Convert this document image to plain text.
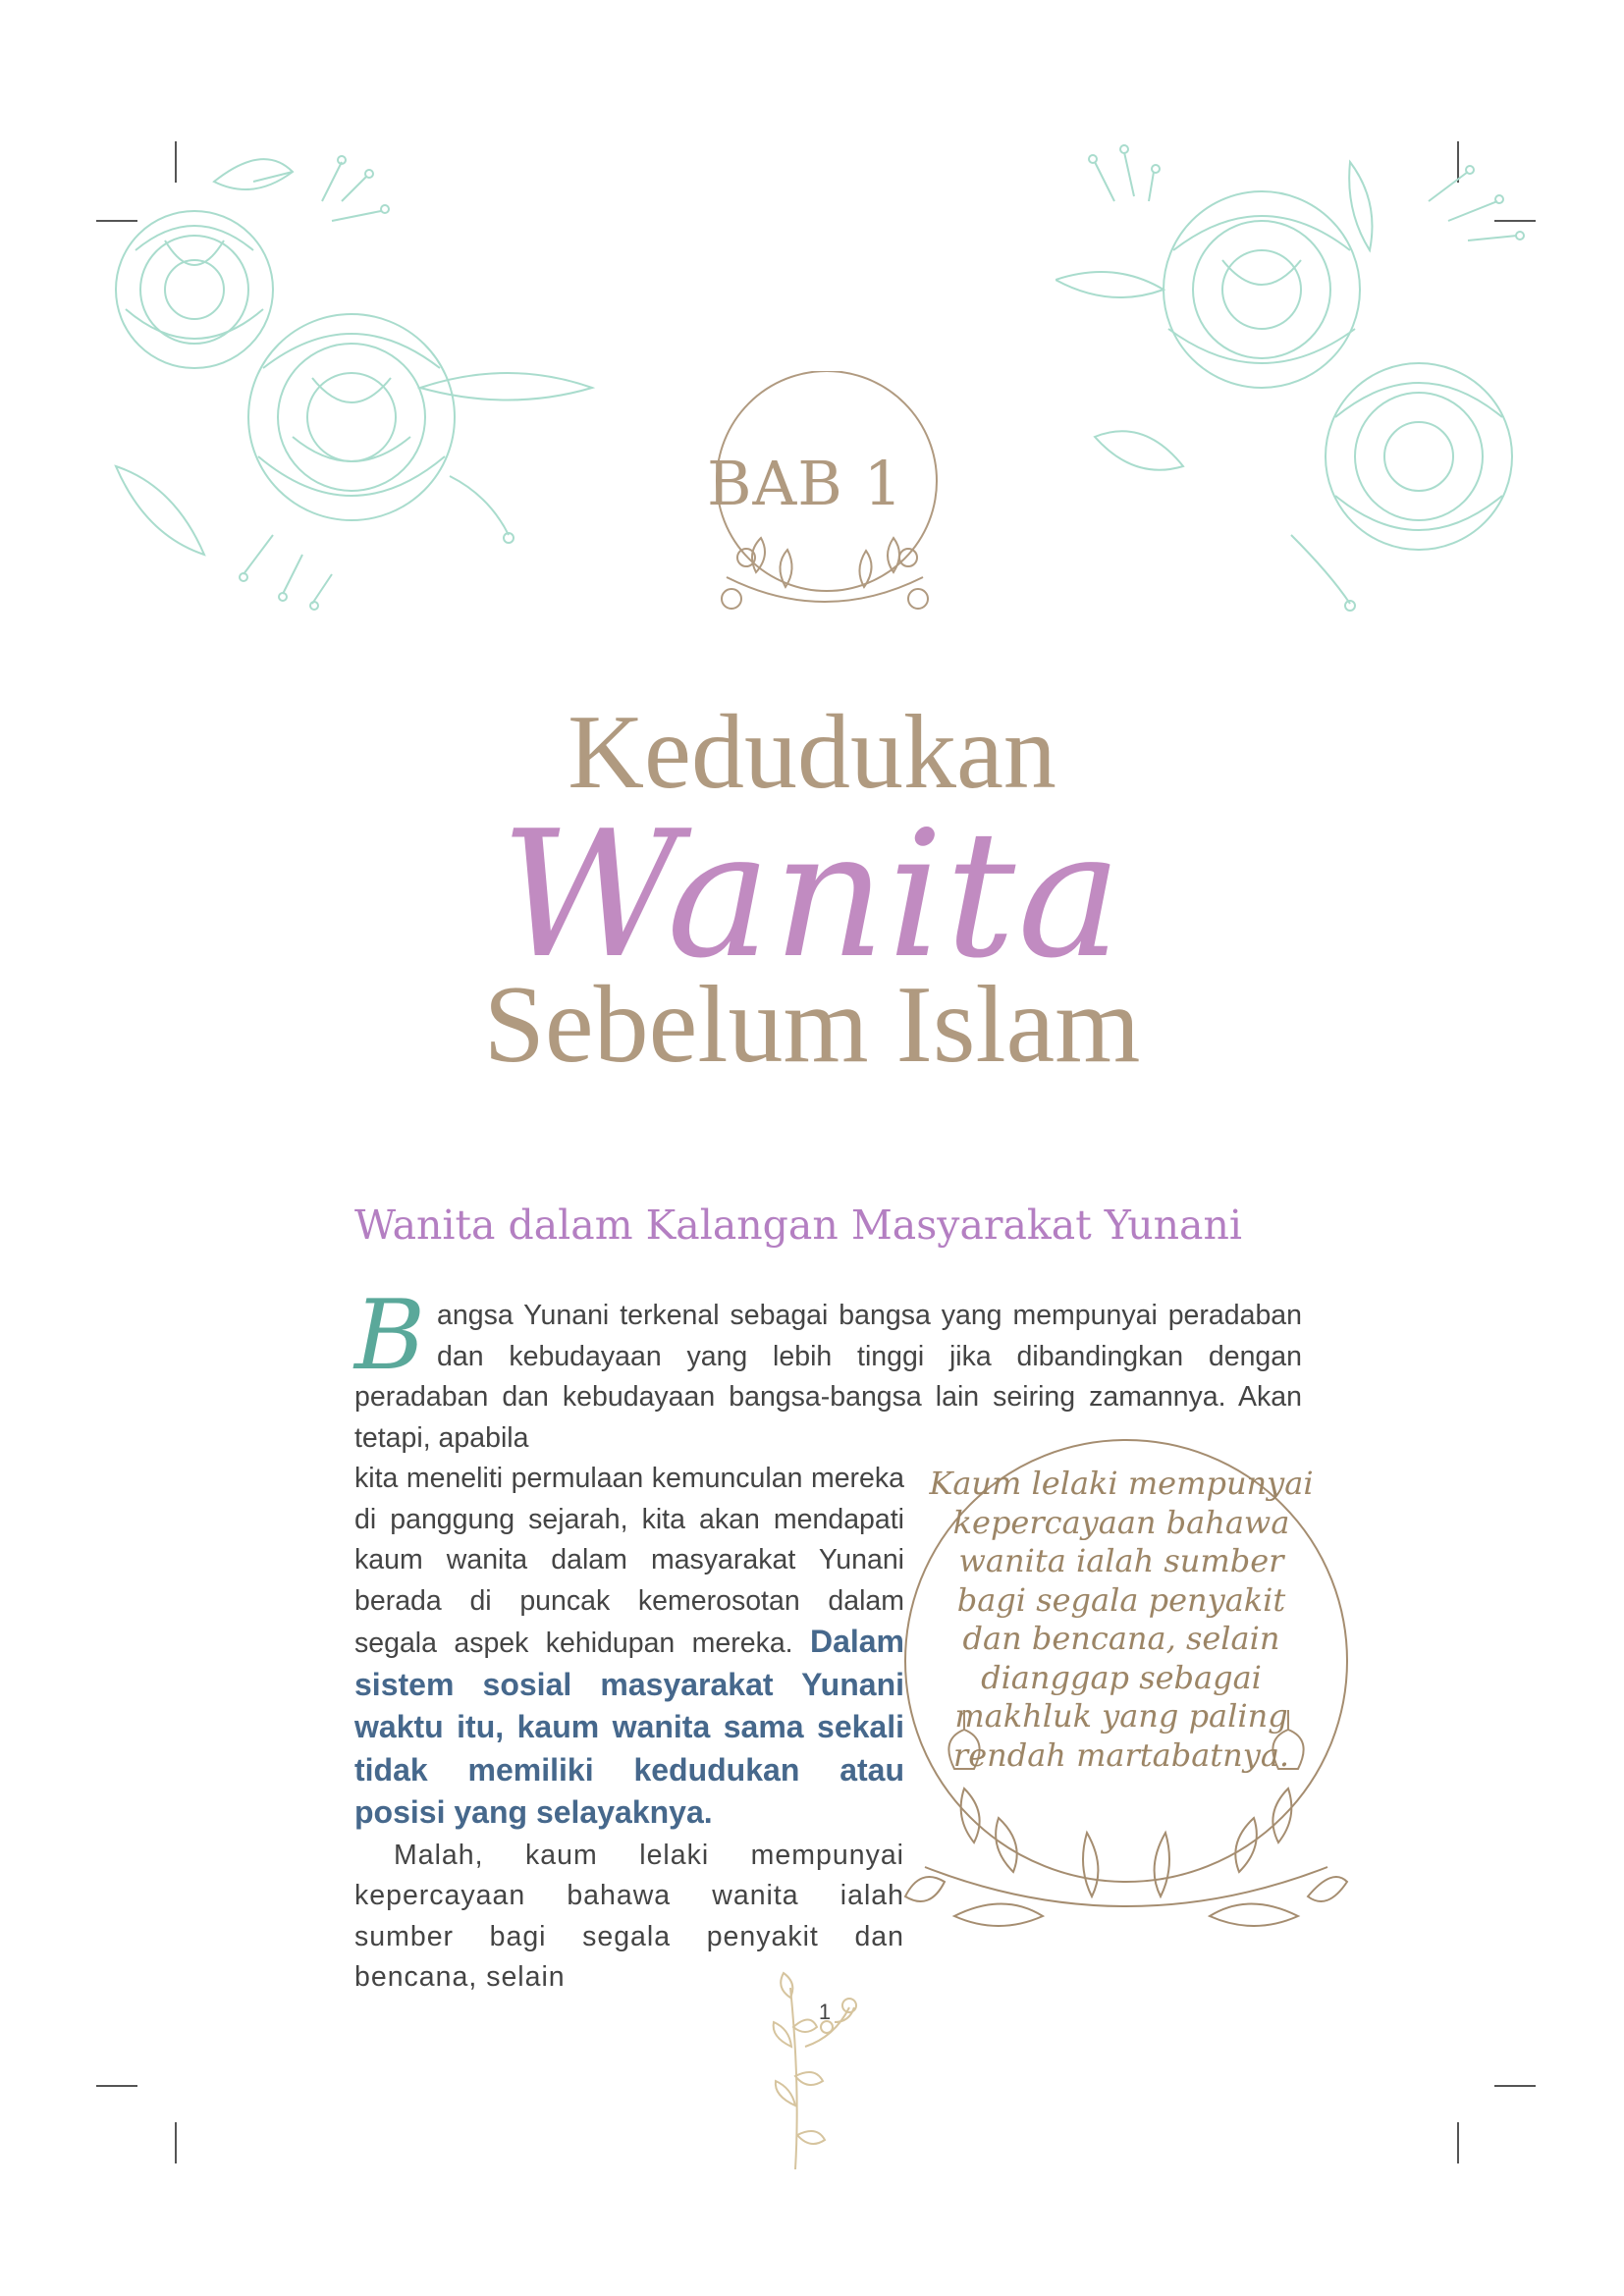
BAB 1
Kedudukan
Wanita
Sebelum Islam
Wanita dalam Kalangan Masyarakat Yunani

Bangsa Yunani terkenal sebagai bangsa yang mempunyai peradaban dan kebudayaan yang lebih tinggi jika dibandingkan dengan peradaban dan kebudayaan bangsa-bangsa lain seiring zamannya. Akan tetapi, apabila

kita meneliti permulaan kemunculan mereka di panggung sejarah, kita akan mendapati kaum wanita dalam masyarakat Yunani berada di puncak kemerosotan dalam segala aspek kehidupan mereka. Dalam sistem sosial masyarakat Yunani waktu itu, kaum wanita sama sekali tidak memiliki kedudukan atau posisi yang selayaknya.

Malah, kaum lelaki mempunyai kepercayaan bahawa wanita ialah sumber bagi segala penyakit dan bencana, selain

Kaum lelaki mempunyai kepercayaan bahawa wanita ialah sumber bagi segala penyakit dan bencana, selain dianggap sebagai makhluk yang paling rendah martabatnya.
1
